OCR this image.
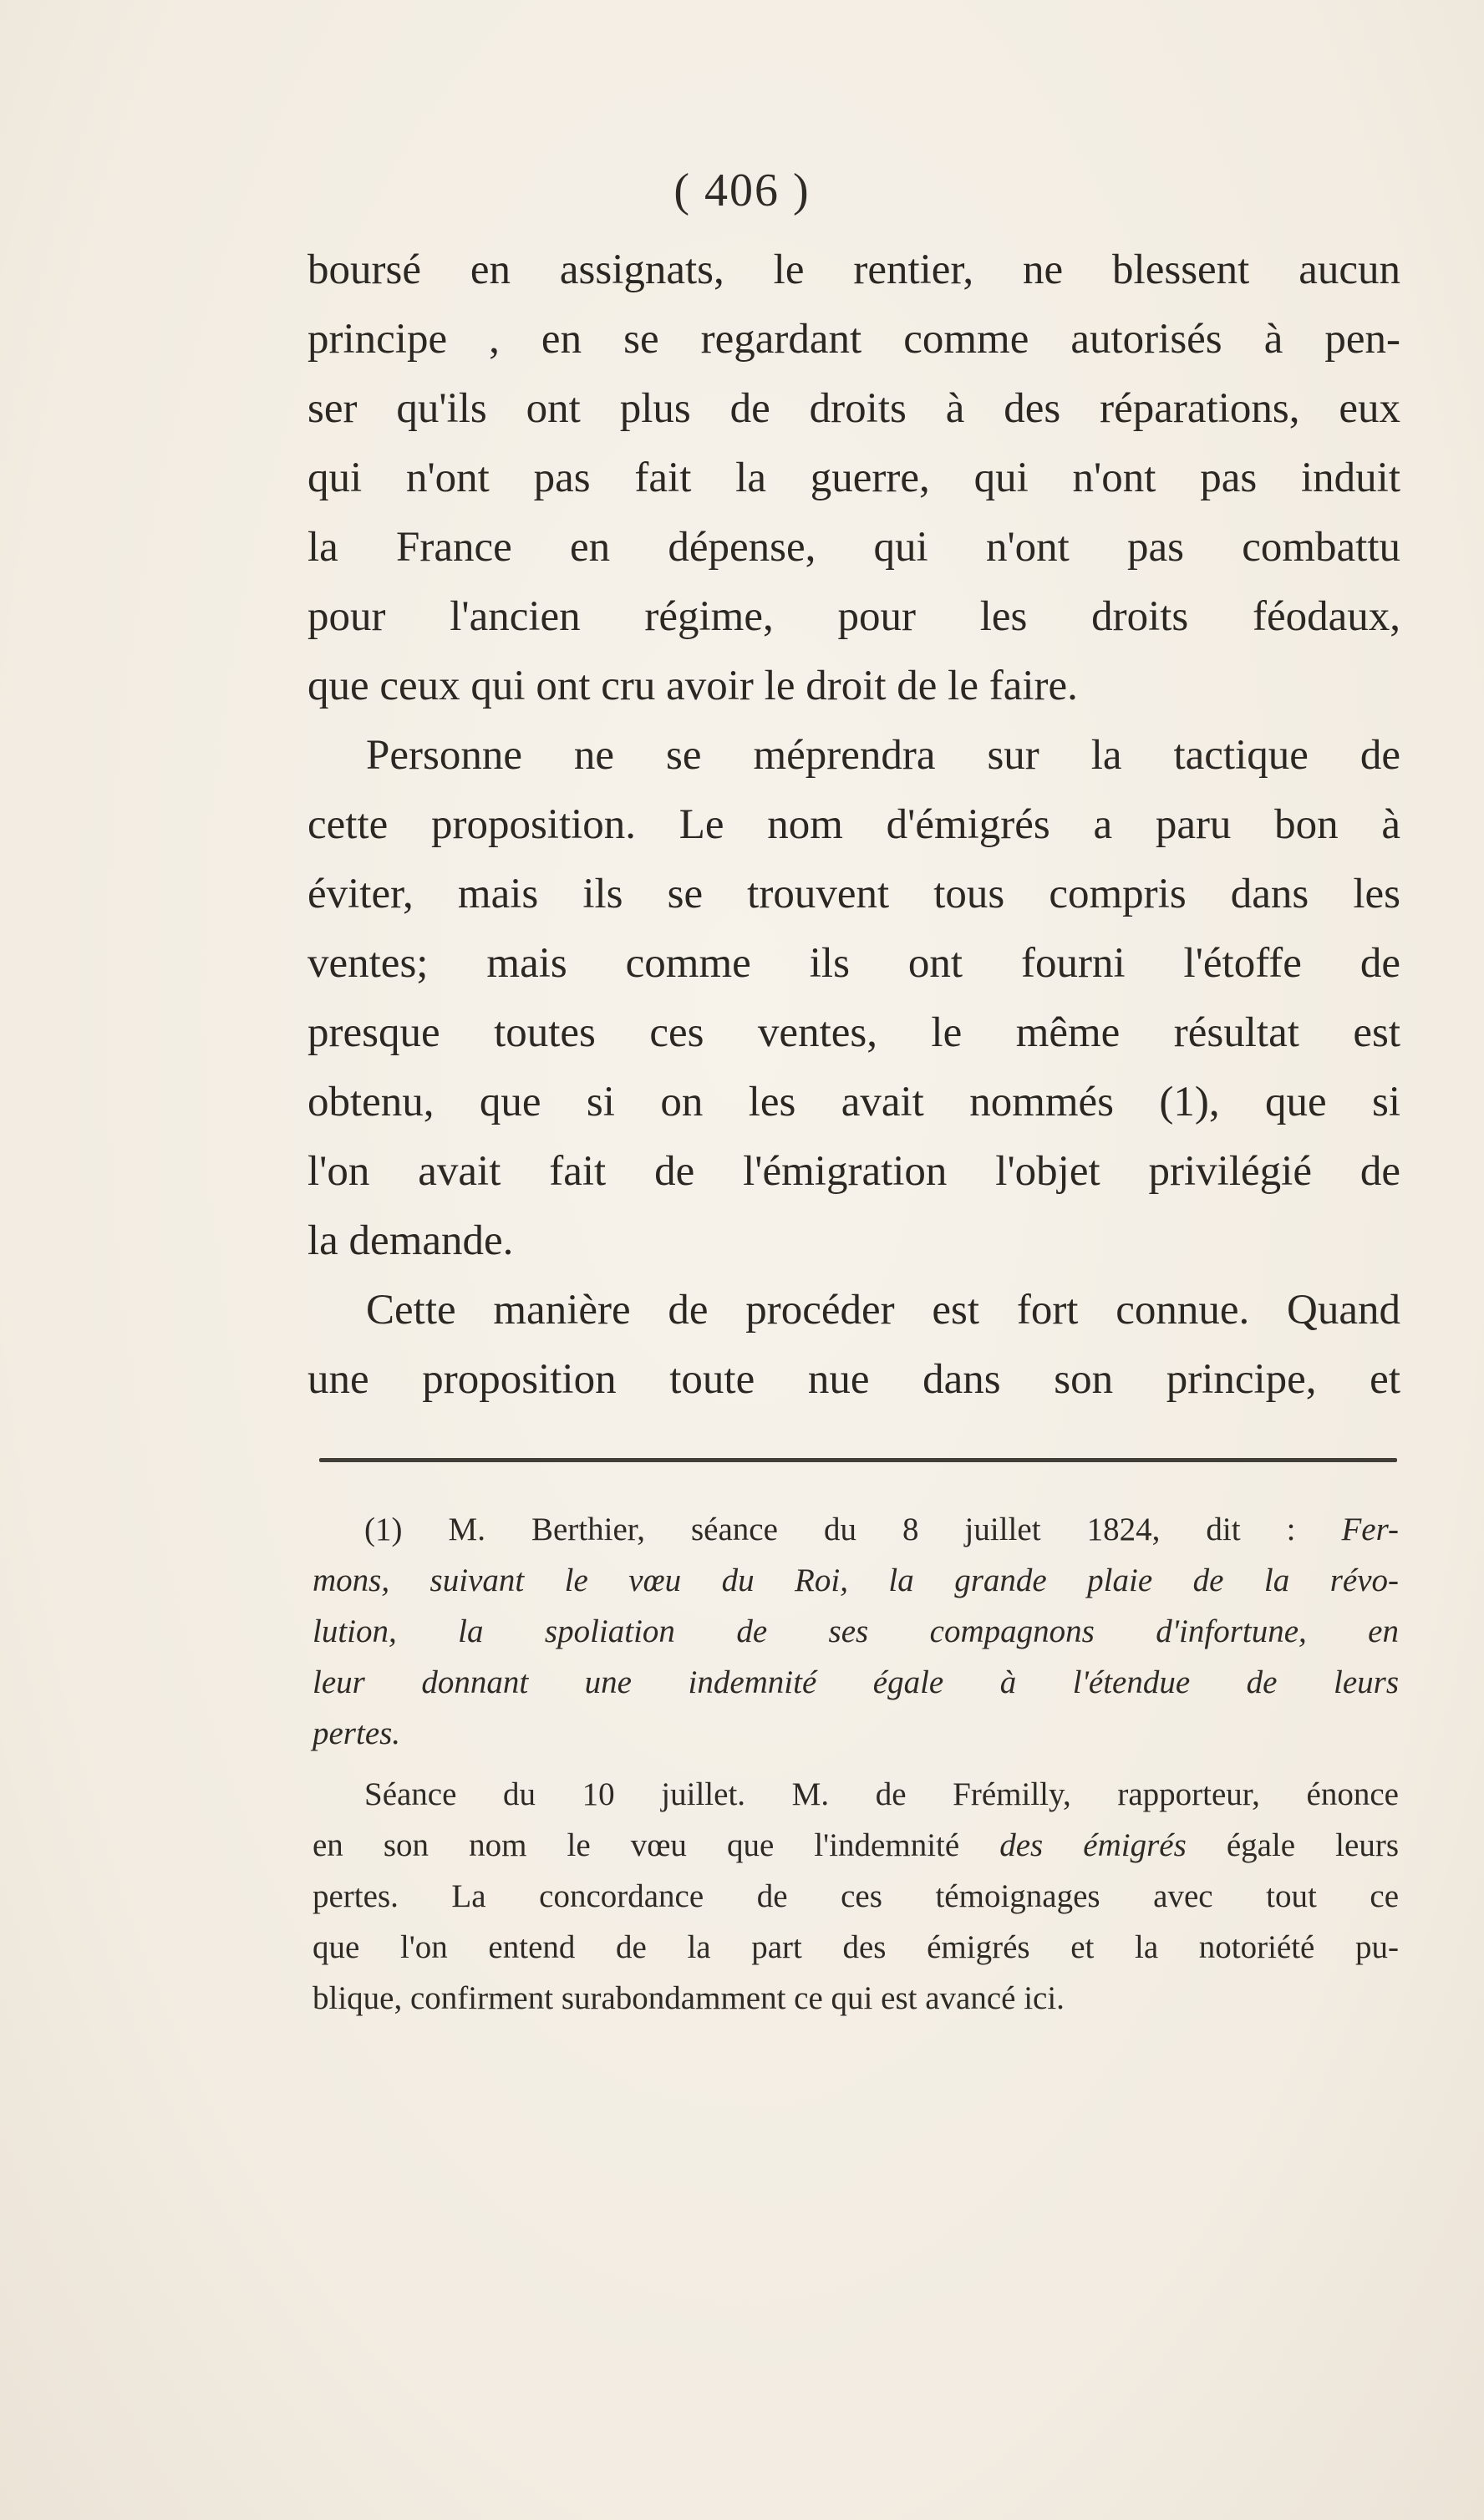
( 406 )
boursé en assignats, le rentier, ne blessent aucun
principe , en se regardant comme autorisés à pen-
ser qu'ils ont plus de droits à des réparations, eux
qui n'ont pas fait la guerre, qui n'ont pas induit
la France en dépense, qui n'ont pas combattu
pour l'ancien régime, pour les droits féodaux,
que ceux qui ont cru avoir le droit de le faire.
Personne ne se méprendra sur la tactique de
cette proposition. Le nom d'émigrés a paru bon à
éviter, mais ils se trouvent tous compris dans les
ventes; mais comme ils ont fourni l'étoffe de
presque toutes ces ventes, le même résultat est
obtenu, que si on les avait nommés (1), que si
l'on avait fait de l'émigration l'objet privilégié de
la demande.
Cette manière de procéder est fort connue. Quand
une proposition toute nue dans son principe, et
(1) M. Berthier, séance du 8 juillet 1824, dit : Fer-
mons, suivant le vœu du Roi, la grande plaie de la révo-
lution, la spoliation de ses compagnons d'infortune, en
leur donnant une indemnité égale à l'étendue de leurs
pertes.
Séance du 10 juillet. M. de Frémilly, rapporteur, énonce
en son nom le vœu que l'indemnité des émigrés égale leurs
pertes. La concordance de ces témoignages avec tout ce
que l'on entend de la part des émigrés et la notoriété pu-
blique, confirment surabondamment ce qui est avancé ici.
